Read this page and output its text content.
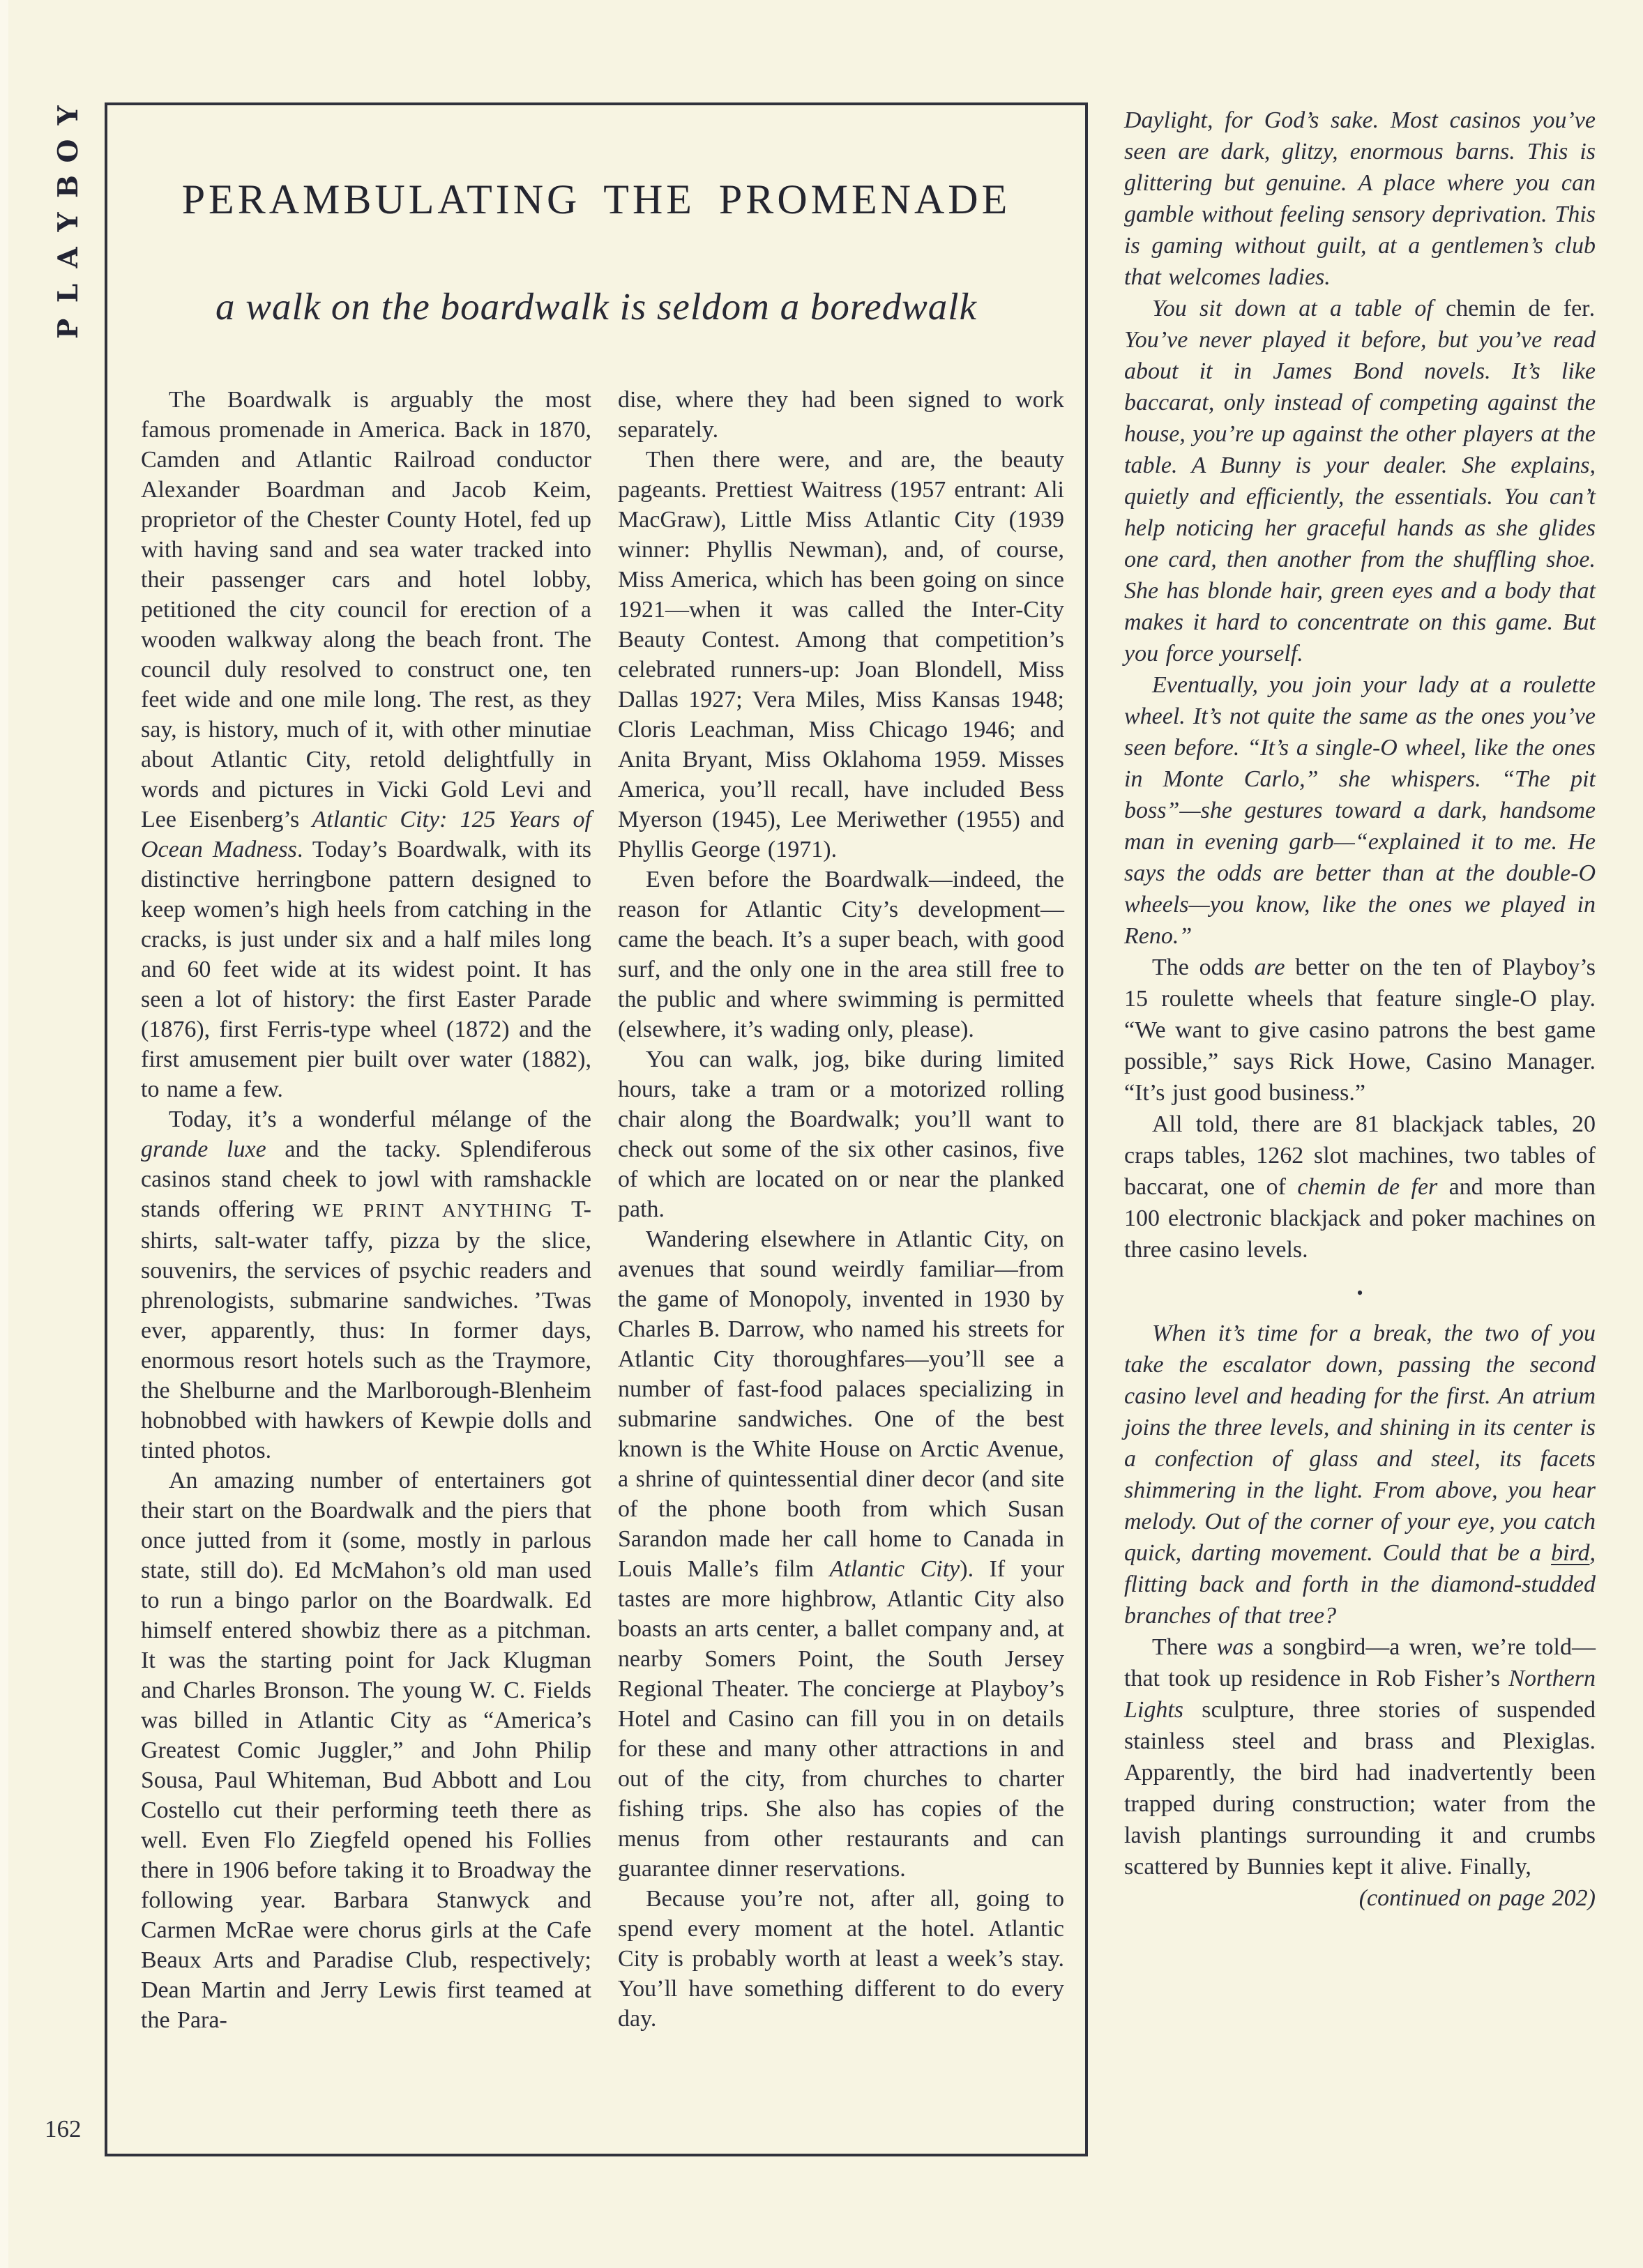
Y
O
B
Y
A
L
P
PERAMBULATING THE PROMENADE
a walk on the boardwalk is seldom a boredwalk

The Boardwalk is arguably the most famous promenade in America. Back in 1870, Camden and Atlantic Railroad conductor Alexander Boardman and Jacob Keim, proprietor of the Chester County Hotel, fed up with having sand and sea water tracked into their passenger cars and hotel lobby, petitioned the city council for erection of a wooden walkway along the beach front. The council duly resolved to construct one, ten feet wide and one mile long. The rest, as they say, is history, much of it, with other minutiae about Atlantic City, retold delightfully in words and pictures in Vicki Gold Levi and Lee Eisenberg’s Atlantic City: 125 Years of Ocean Madness. Today’s Boardwalk, with its distinctive herringbone pattern designed to keep women’s high heels from catching in the cracks, is just under six and a half miles long and 60 feet wide at its widest point. It has seen a lot of history: the first Easter Parade (1876), first Ferris-type wheel (1872) and the first amusement pier built over water (1882), to name a few.

Today, it’s a wonderful mélange of the grande luxe and the tacky. Splendiferous casinos stand cheek to jowl with ramshackle stands offering WE PRINT ANYTHING T-shirts, salt-water taffy, pizza by the slice, souvenirs, the services of psychic readers and phrenologists, submarine sandwiches. ’Twas ever, apparently, thus: In former days, enormous resort hotels such as the Traymore, the Shelburne and the Marlborough-Blenheim hobnobbed with hawkers of Kewpie dolls and tinted photos.

An amazing number of entertainers got their start on the Boardwalk and the piers that once jutted from it (some, mostly in parlous state, still do). Ed McMahon’s old man used to run a bingo parlor on the Boardwalk. Ed himself entered showbiz there as a pitchman. It was the starting point for Jack Klugman and Charles Bronson. The young W. C. Fields was billed in Atlantic City as “America’s Greatest Comic Juggler,” and John Philip Sousa, Paul Whiteman, Bud Abbott and Lou Costello cut their performing teeth there as well. Even Flo Ziegfeld opened his Follies there in 1906 before taking it to Broadway the following year. Barbara Stanwyck and Carmen McRae were chorus girls at the Cafe Beaux Arts and Paradise Club, respectively; Dean Martin and Jerry Lewis first teamed at the Para-

dise, where they had been signed to work separately.

Then there were, and are, the beauty pageants. Prettiest Waitress (1957 entrant: Ali MacGraw), Little Miss Atlantic City (1939 winner: Phyllis Newman), and, of course, Miss America, which has been going on since 1921—when it was called the Inter-City Beauty Contest. Among that competition’s celebrated runners-up: Joan Blondell, Miss Dallas 1927; Vera Miles, Miss Kansas 1948; Cloris Leachman, Miss Chicago 1946; and Anita Bryant, Miss Oklahoma 1959. Misses America, you’ll recall, have included Bess Myerson (1945), Lee Meriwether (1955) and Phyllis George (1971).

Even before the Boardwalk—indeed, the reason for Atlantic City’s development—came the beach. It’s a super beach, with good surf, and the only one in the area still free to the public and where swimming is permitted (elsewhere, it’s wading only, please).

You can walk, jog, bike during limited hours, take a tram or a motorized rolling chair along the Boardwalk; you’ll want to check out some of the six other casinos, five of which are located on or near the planked path.

Wandering elsewhere in Atlantic City, on avenues that sound weirdly familiar—from the game of Monopoly, invented in 1930 by Charles B. Darrow, who named his streets for Atlantic City thoroughfares—you’ll see a number of fast-food palaces specializing in submarine sandwiches. One of the best known is the White House on Arctic Avenue, a shrine of quintessential diner decor (and site of the phone booth from which Susan Sarandon made her call home to Canada in Louis Malle’s film Atlantic City). If your tastes are more highbrow, Atlantic City also boasts an arts center, a ballet company and, at nearby Somers Point, the South Jersey Regional Theater. The concierge at Playboy’s Hotel and Casino can fill you in on details for these and many other attractions in and out of the city, from churches to charter fishing trips. She also has copies of the menus from other restaurants and can guarantee dinner reservations.

Because you’re not, after all, going to spend every moment at the hotel. Atlantic City is probably worth at least a week’s stay. You’ll have something different to do every day.

Daylight, for God’s sake. Most casinos you’ve seen are dark, glitzy, enormous barns. This is glittering but genuine. A place where you can gamble without feeling sensory deprivation. This is gaming without guilt, at a gentlemen’s club that welcomes ladies.

You sit down at a table of chemin de fer. You’ve never played it before, but you’ve read about it in James Bond novels. It’s like baccarat, only instead of competing against the house, you’re up against the other players at the table. A Bunny is your dealer. She explains, quietly and efficiently, the essentials. You can’t help noticing her graceful hands as she glides one card, then another from the shuffling shoe. She has blonde hair, green eyes and a body that makes it hard to concentrate on this game. But you force yourself.

Eventually, you join your lady at a roulette wheel. It’s not quite the same as the ones you’ve seen before. “It’s a single-O wheel, like the ones in Monte Carlo,” she whispers. “The pit boss”—she gestures toward a dark, handsome man in evening garb—“explained it to me. He says the odds are better than at the double-O wheels—you know, like the ones we played in Reno.”

The odds are better on the ten of Playboy’s 15 roulette wheels that feature single-O play. “We want to give casino patrons the best game possible,” says Rick Howe, Casino Manager. “It’s just good business.”

All told, there are 81 blackjack tables, 20 craps tables, 1262 slot machines, two tables of baccarat, one of chemin de fer and more than 100 electronic blackjack and poker machines on three casino levels.

•

When it’s time for a break, the two of you take the escalator down, passing the second casino level and heading for the first. An atrium joins the three levels, and shining in its center is a confection of glass and steel, its facets shimmering in the light. From above, you hear melody. Out of the corner of your eye, you catch quick, darting movement. Could that be a bird, flitting back and forth in the diamond-studded branches of that tree?

There was a songbird—a wren, we’re told—that took up residence in Rob Fisher’s Northern Lights sculpture, three stories of suspended stainless steel and brass and Plexiglas. Apparently, the bird had inadvertently been trapped during construction; water from the lavish plantings surrounding it and crumbs scattered by Bunnies kept it alive. Finally,

(continued on page 202)

162
